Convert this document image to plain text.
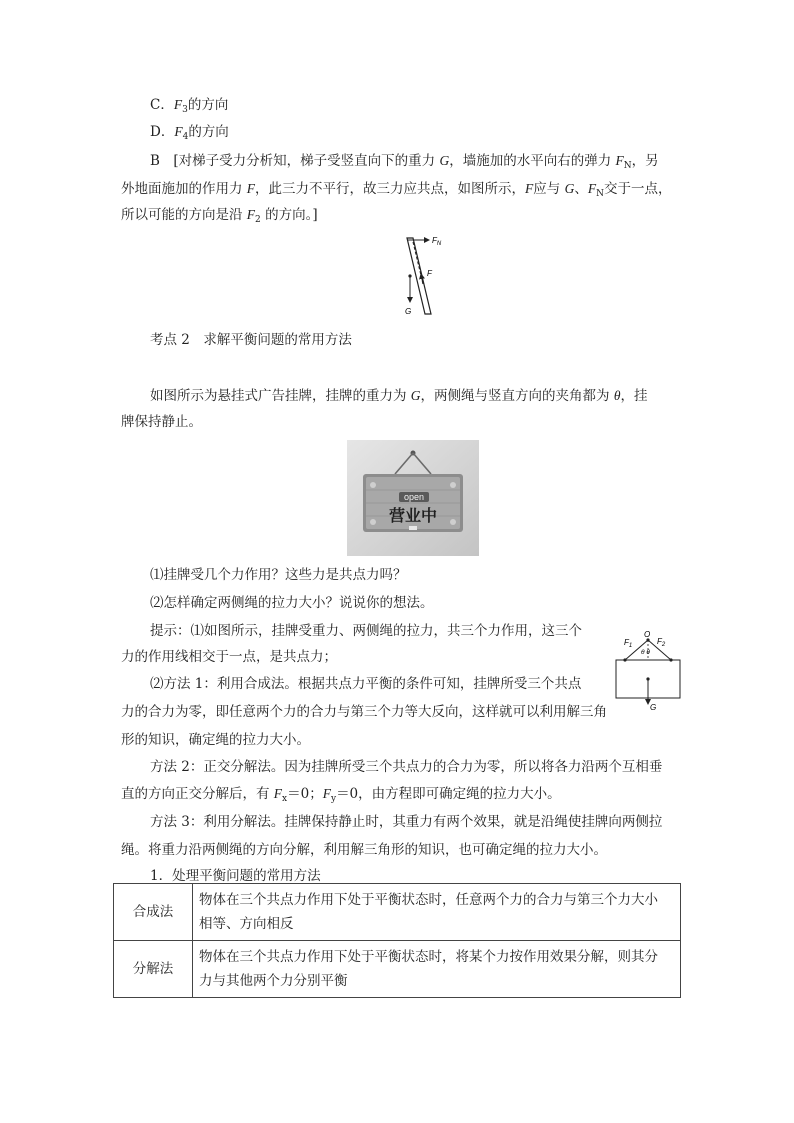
C．$F_3$的方向
D．$F_4$的方向
B　[对梯子受力分析知，梯子受竖直向下的重力 G，墙施加的水平向右的弹力 $F_N$，另
外地面施加的作用力 F，此三力不平行，故三力应共点，如图所示，F应与 G、$F_N$交于一点，
所以可能的方向是沿 $F_2$ 的方向。]
$F_N$
F
G
考点 2　求解平衡问题的常用方法
如图所示为悬挂式广告挂牌，挂牌的重力为 G，两侧绳与竖直方向的夹角都为 θ，挂
牌保持静止。
open
营业中
⑴挂牌受几个力作用？这些力是共点力吗？
⑵怎样确定两侧绳的拉力大小？说说你的想法。
提示：⑴如图所示，挂牌受重力、两侧绳的拉力，共三个力作用，这三个
力的作用线相交于一点，是共点力；
⑵方法 1：利用合成法。根据共点力平衡的条件可知，挂牌所受三个共点
力的合力为零，即任意两个力的合力与第三个力等大反向，这样就可以利用解三角
形的知识，确定绳的拉力大小。
$F_1$	$F_2$
O
θ θ
G
方法 2：正交分解法。因为挂牌所受三个共点力的合力为零，所以将各力沿两个互相垂
直的方向正交分解后，有 $F_x=0$；$F_y=0$，由方程即可确定绳的拉力大小。
方法 3：利用分解法。挂牌保持静止时，其重力有两个效果，就是沿绳使挂牌向两侧拉
绳。将重力沿两侧绳的方向分解，利用解三角形的知识，也可确定绳的拉力大小。
1．处理平衡问题的常用方法
合成法	物体在三个共点力作用下处于平衡状态时，任意两个力的合力与第三个力大小
相等、方向相反

分解法	物体在三个共点力作用下处于平衡状态时，将某个力按作用效果分解，则其分
力与其他两个力分别平衡
